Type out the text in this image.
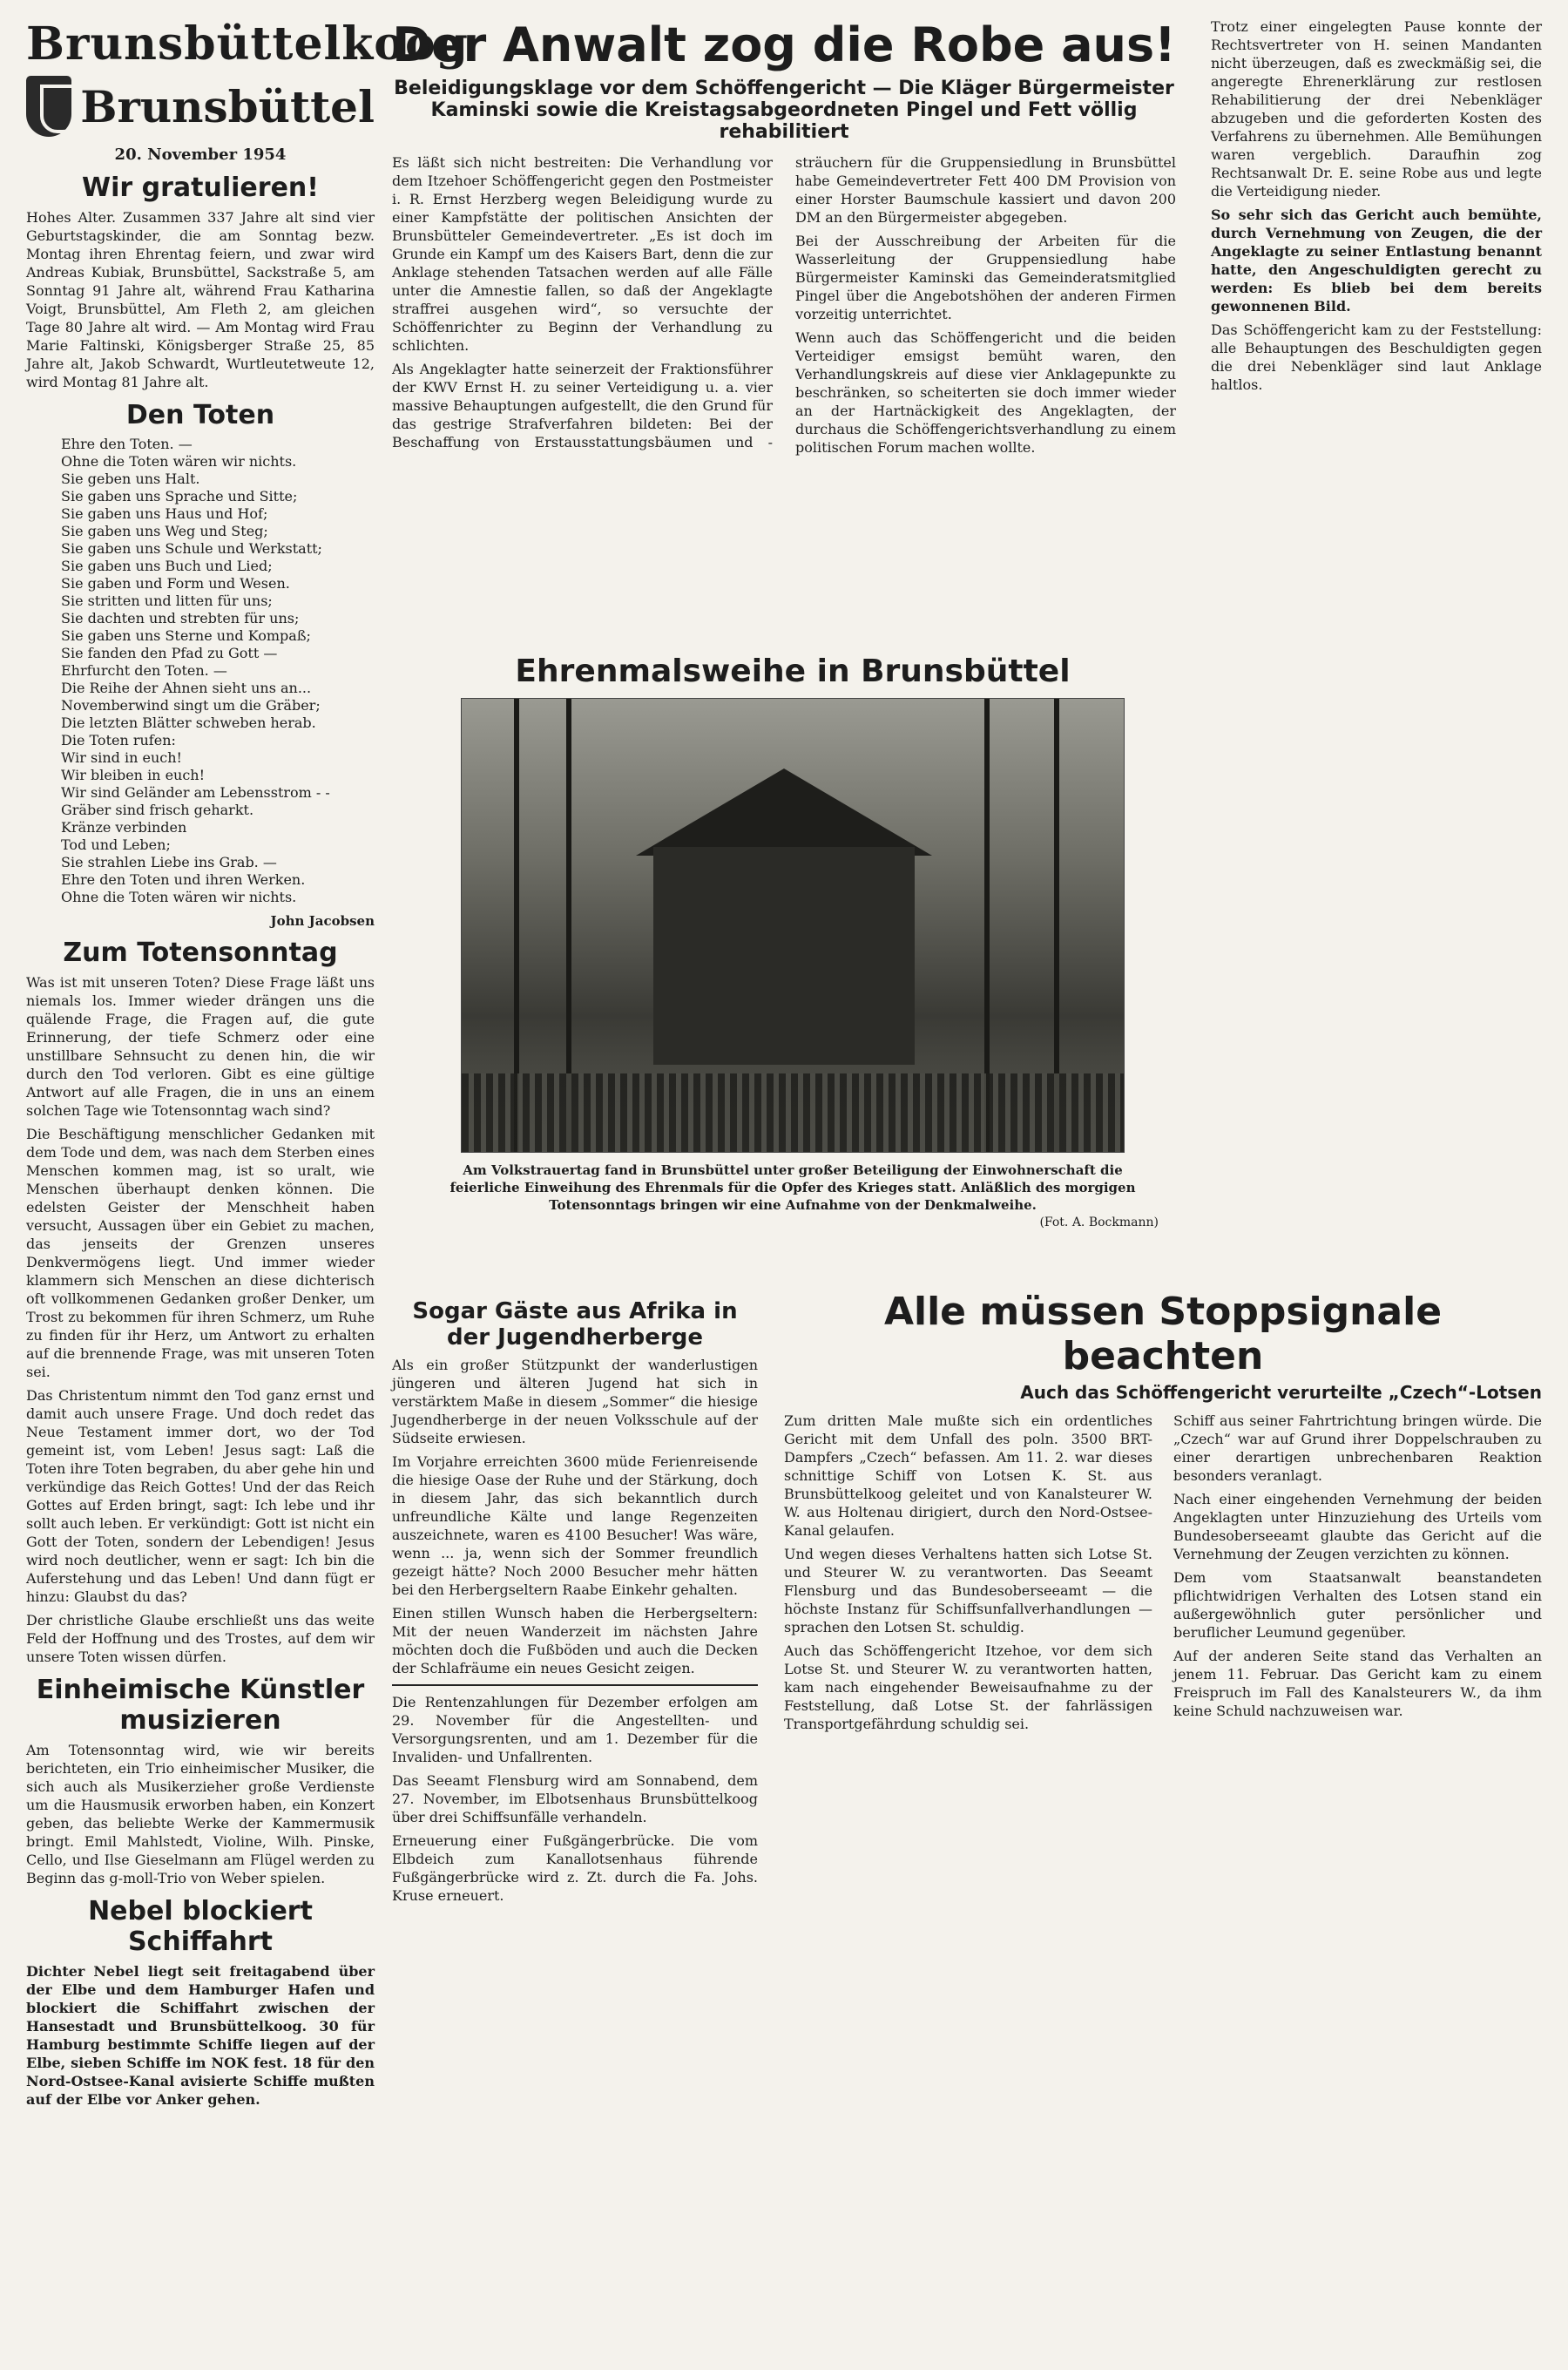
Brunsbüttelkoog
Brunsbüttel
20. November 1954
Wir gratulieren!

Hohes Alter. Zusammen 337 Jahre alt sind vier Geburtstagskinder, die am Sonntag bezw. Montag ihren Ehrentag feiern, und zwar wird Andreas Kubiak, Brunsbüttel, Sackstraße 5, am Sonntag 91 Jahre alt, während Frau Katharina Voigt, Brunsbüttel, Am Fleth 2, am gleichen Tage 80 Jahre alt wird. — Am Montag wird Frau Marie Faltinski, Königsberger Straße 25, 85 Jahre alt, Jakob Schwardt, Wurtleutetweute 12, wird Montag 81 Jahre alt.

Den Toten
Ehre den Toten. —
Ohne die Toten wären wir nichts.
Sie geben uns Halt.
Sie gaben uns Sprache und Sitte;
Sie gaben uns Haus und Hof;
Sie gaben uns Weg und Steg;
Sie gaben uns Schule und Werkstatt;
Sie gaben uns Buch und Lied;
Sie gaben und Form und Wesen.
Sie stritten und litten für uns;
Sie dachten und strebten für uns;
Sie gaben uns Sterne und Kompaß;
Sie fanden den Pfad zu Gott —
Ehrfurcht den Toten. —
Die Reihe der Ahnen sieht uns an...
Novemberwind singt um die Gräber;
Die letzten Blätter schweben herab.
Die Toten rufen:
Wir sind in euch!
Wir bleiben in euch!
Wir sind Geländer am Lebensstrom - -
Gräber sind frisch geharkt.
Kränze verbinden
Tod und Leben;
Sie strahlen Liebe ins Grab. —
Ehre den Toten und ihren Werken.
Ohne die Toten wären wir nichts.
John Jacobsen
Zum Totensonntag

Was ist mit unseren Toten? Diese Frage läßt uns niemals los. Immer wieder drängen uns die quälende Frage, die Fragen auf, die gute Erinnerung, der tiefe Schmerz oder eine unstillbare Sehnsucht zu denen hin, die wir durch den Tod verloren. Gibt es eine gültige Antwort auf alle Fragen, die in uns an einem solchen Tage wie Totensonntag wach sind?

Die Beschäftigung menschlicher Gedanken mit dem Tode und dem, was nach dem Sterben eines Menschen kommen mag, ist so uralt, wie Menschen überhaupt denken können. Die edelsten Geister der Menschheit haben versucht, Aussagen über ein Gebiet zu machen, das jenseits der Grenzen unseres Denkvermögens liegt. Und immer wieder klammern sich Menschen an diese dichterisch oft vollkommenen Gedanken großer Denker, um Trost zu bekommen für ihren Schmerz, um Ruhe zu finden für ihr Herz, um Antwort zu erhalten auf die brennende Frage, was mit unseren Toten sei.

Das Christentum nimmt den Tod ganz ernst und damit auch unsere Frage. Und doch redet das Neue Testament immer dort, wo der Tod gemeint ist, vom Leben! Jesus sagt: Laß die Toten ihre Toten begraben, du aber gehe hin und verkündige das Reich Gottes! Und der das Reich Gottes auf Erden bringt, sagt: Ich lebe und ihr sollt auch leben. Er verkündigt: Gott ist nicht ein Gott der Toten, sondern der Lebendigen! Jesus wird noch deutlicher, wenn er sagt: Ich bin die Auferstehung und das Leben! Und dann fügt er hinzu: Glaubst du das?

Der christliche Glaube erschließt uns das weite Feld der Hoffnung und des Trostes, auf dem wir unsere Toten wissen dürfen.

Einheimische Künstler musizieren

Am Totensonntag wird, wie wir bereits berichteten, ein Trio einheimischer Musiker, die sich auch als Musikerzieher große Verdienste um die Hausmusik erworben haben, ein Konzert geben, das beliebte Werke der Kammermusik bringt. Emil Mahlstedt, Violine, Wilh. Pinske, Cello, und Ilse Gieselmann am Flügel werden zu Beginn das g-moll-Trio von Weber spielen.

Nebel blockiert Schiffahrt

Dichter Nebel liegt seit freitagabend über der Elbe und dem Hamburger Hafen und blockiert die Schiffahrt zwischen der Hansestadt und Brunsbüttelkoog. 30 für Hamburg bestimmte Schiffe liegen auf der Elbe, sieben Schiffe im NOK fest. 18 für den Nord-Ostsee-Kanal avisierte Schiffe mußten auf der Elbe vor Anker gehen.

Der Anwalt zog die Robe aus!
Beleidigungsklage vor dem Schöffengericht — Die Kläger Bürgermeister Kaminski sowie die Kreistagsabgeordneten Pingel und Fett völlig rehabilitiert

Es läßt sich nicht bestreiten: Die Verhandlung vor dem Itzehoer Schöffengericht gegen den Postmeister i. R. Ernst Herzberg wegen Beleidigung wurde zu einer Kampfstätte der politischen Ansichten der Brunsbütteler Gemeindevertreter. „Es ist doch im Grunde ein Kampf um des Kaisers Bart, denn die zur Anklage stehenden Tatsachen werden auf alle Fälle unter die Amnestie fallen, so daß der Angeklagte straffrei ausgehen wird“, so versuchte der Schöffenrichter zu Beginn der Verhandlung zu schlichten.

Als Angeklagter hatte seinerzeit der Fraktionsführer der KWV Ernst H. zu seiner Verteidigung u. a. vier massive Behauptungen aufgestellt, die den Grund für das gestrige Strafverfahren bildeten: Bei der Beschaffung von Erstausstattungsbäumen und -sträuchern für die Gruppensiedlung in Brunsbüttel habe Gemeindevertreter Fett 400 DM Provision von einer Horster Baumschule kassiert und davon 200 DM an den Bürgermeister abgegeben.

Bei der Ausschreibung der Arbeiten für die Wasserleitung der Gruppensiedlung habe Bürgermeister Kaminski das Gemeinderatsmitglied Pingel über die Angebotshöhen der anderen Firmen vorzeitig unterrichtet.

Wenn auch das Schöffengericht und die beiden Verteidiger emsigst bemüht waren, den Verhandlungskreis auf diese vier Anklagepunkte zu beschränken, so scheiterten sie doch immer wieder an der Hartnäckigkeit des Angeklagten, der durchaus die Schöffengerichtsverhandlung zu einem politischen Forum machen wollte.

Trotz einer eingelegten Pause konnte der Rechtsvertreter von H. seinen Mandanten nicht überzeugen, daß es zweckmäßig sei, die angeregte Ehrenerklärung zur restlosen Rehabilitierung der drei Nebenkläger abzugeben und die geforderten Kosten des Verfahrens zu übernehmen. Alle Bemühungen waren vergeblich. Daraufhin zog Rechtsanwalt Dr. E. seine Robe aus und legte die Verteidigung nieder.

So sehr sich das Gericht auch bemühte, durch Vernehmung von Zeugen, die der Angeklagte zu seiner Entlastung benannt hatte, den Angeschuldigten gerecht zu werden: Es blieb bei dem bereits gewonnenen Bild.

Das Schöffengericht kam zu der Feststellung: alle Behauptungen des Beschuldigten gegen die drei Nebenkläger sind laut Anklage haltlos.

Ehrenmalsweihe in Brunsbüttel
Am Volkstrauertag fand in Brunsbüttel unter großer Beteiligung der Einwohnerschaft die feierliche Einweihung des Ehrenmals für die Opfer des Krieges statt. Anläßlich des morgigen Totensonntags bringen wir eine Aufnahme von der Denkmalweihe.
(Fot. A. Bockmann)
Sogar Gäste aus Afrika in der Jugendherberge

Als ein großer Stützpunkt der wanderlustigen jüngeren und älteren Jugend hat sich in verstärktem Maße in diesem „Sommer“ die hiesige Jugendherberge in der neuen Volksschule auf der Südseite erwiesen.

Im Vorjahre erreichten 3600 müde Ferienreisende die hiesige Oase der Ruhe und der Stärkung, doch in diesem Jahr, das sich bekanntlich durch unfreundliche Kälte und lange Regenzeiten auszeichnete, waren es 4100 Besucher! Was wäre, wenn ... ja, wenn sich der Sommer freundlich gezeigt hätte? Noch 2000 Besucher mehr hätten bei den Herbergseltern Raabe Einkehr gehalten.

Einen stillen Wunsch haben die Herbergseltern: Mit der neuen Wanderzeit im nächsten Jahre möchten doch die Fußböden und auch die Decken der Schlafräume ein neues Gesicht zeigen.

Die Rentenzahlungen für Dezember erfolgen am 29. November für die Angestellten- und Versorgungsrenten, und am 1. Dezember für die Invaliden- und Unfallrenten.

Das Seeamt Flensburg wird am Sonnabend, dem 27. November, im Elbotsenhaus Brunsbüttelkoog über drei Schiffsunfälle verhandeln.

Erneuerung einer Fußgängerbrücke. Die vom Elbdeich zum Kanallotsenhaus führende Fußgängerbrücke wird z. Zt. durch die Fa. Johs. Kruse erneuert.

Alle müssen Stoppsignale beachten
Auch das Schöffengericht verurteilte „Czech“-Lotsen

Zum dritten Male mußte sich ein ordentliches Gericht mit dem Unfall des poln. 3500 BRT-Dampfers „Czech“ befassen. Am 11. 2. war dieses schnittige Schiff von Lotsen K. St. aus Brunsbüttelkoog geleitet und von Kanalsteurer W. W. aus Holtenau dirigiert, durch den Nord-Ostsee-Kanal gelaufen.

Und wegen dieses Verhaltens hatten sich Lotse St. und Steurer W. zu verantworten. Das Seeamt Flensburg und das Bundesoberseeamt — die höchste Instanz für Schiffsunfallverhandlungen — sprachen den Lotsen St. schuldig.

Auch das Schöffengericht Itzehoe, vor dem sich Lotse St. und Steurer W. zu verantworten hatten, kam nach eingehender Beweisaufnahme zu der Feststellung, daß Lotse St. der fahrlässigen Transportgefährdung schuldig sei.

Schiff aus seiner Fahrtrichtung bringen würde. Die „Czech“ war auf Grund ihrer Doppelschrauben zu einer derartigen unbrechenbaren Reaktion besonders veranlagt.

Nach einer eingehenden Vernehmung der beiden Angeklagten unter Hinzuziehung des Urteils vom Bundesoberseeamt glaubte das Gericht auf die Vernehmung der Zeugen verzichten zu können.

Dem vom Staatsanwalt beanstandeten pflichtwidrigen Verhalten des Lotsen stand ein außergewöhnlich guter persönlicher und beruflicher Leumund gegenüber.

Auf der anderen Seite stand das Verhalten an jenem 11. Februar. Das Gericht kam zu einem Freispruch im Fall des Kanalsteurers W., da ihm keine Schuld nachzuweisen war.
